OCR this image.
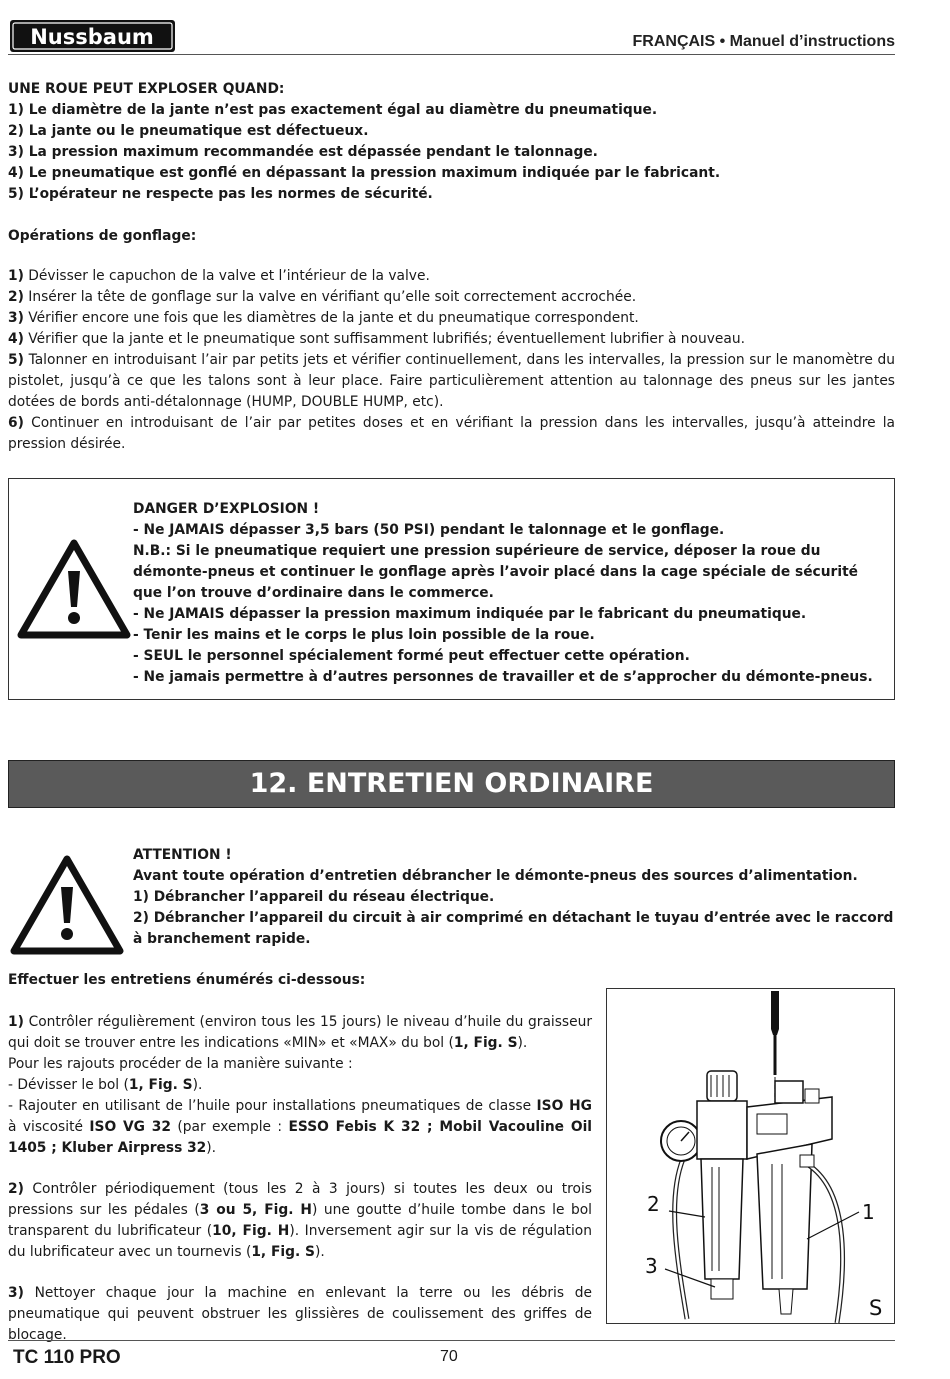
Nussbaum	FRANÇAIS • Manuel d’instructions
UNE ROUE PEUT EXPLOSER QUAND:
1) Le diamètre de la jante n’est pas exactement égal au diamètre du pneumatique.
2) La jante ou le pneumatique est défectueux.
3) La pression maximum recommandée est dépassée pendant le talonnage.
4) Le pneumatique est gonflé en dépassant la pression maximum indiquée par le fabricant.
5) L’opérateur ne respecte pas les normes de sécurité.
Opérations de gonflage:
1) Dévisser le capuchon de la valve et l’intérieur de la valve.
2) Insérer la tête de gonflage sur la valve en vérifiant qu’elle soit correctement accrochée.
3) Vérifier encore une fois que les diamètres de la jante et du pneumatique correspondent.
4) Vérifier que la jante et le pneumatique sont suffisamment lubrifiés; éventuellement lubrifier à nouveau.
5) Talonner en introduisant l’air par petits jets et vérifier continuellement, dans les intervalles, la pression sur le manomètre du pistolet, jusqu’à ce que les talons sont à leur place. Faire particulièrement attention au talonnage des pneus sur les jantes dotées de bords anti-détalonnage (HUMP, DOUBLE HUMP, etc).
6) Continuer en introduisant de l’air par petites doses et en vérifiant la pression dans les intervalles, jusqu’à atteindre la pression désirée.
DANGER D’EXPLOSION !
- Ne JAMAIS dépasser 3,5 bars (50 PSI) pendant le talonnage et le gonflage.
N.B.: Si le pneumatique requiert une pression supérieure de service, déposer la roue du démonte-pneus et continuer le gonflage après l’avoir placé dans la cage spéciale de sécurité que l’on trouve d’ordinaire dans le commerce.
- Ne JAMAIS dépasser la pression maximum indiquée par le fabricant du pneumatique.
- Tenir les mains et le corps le plus loin possible de la roue.
- SEUL le personnel spécialement formé peut effectuer cette opération.
- Ne jamais permettre à d’autres personnes de travailler et de s’approcher du démonte-pneus.
12. ENTRETIEN ORDINAIRE
ATTENTION !
Avant toute opération d’entretien débrancher le démonte-pneus des sources d’alimentation.
1) Débrancher l’appareil du réseau électrique.
2) Débrancher l’appareil du circuit à air comprimé en détachant le tuyau d’entrée avec le raccord à branchement rapide.
Effectuer les entretiens énumérés ci-dessous:
1) Contrôler régulièrement (environ tous les 15 jours) le niveau d’huile du graisseur qui doit se trouver entre les indications «MIN» et «MAX» du bol (1, Fig. S).
Pour les rajouts procéder de la manière suivante :
- Dévisser le bol (1, Fig. S).
- Rajouter en utilisant de l’huile pour installations pneumatiques de classe ISO HG à viscosité ISO VG 32 (par exemple : ESSO Febis K 32 ; Mobil Vacouline Oil 1405 ; Kluber Airpress 32).
2) Contrôler périodiquement (tous les 2 à 3 jours) si toutes les deux ou trois pressions sur les pédales (3 ou 5, Fig. H) une goutte d’huile tombe dans le bol transparent du lubrificateur (10, Fig. H). Inversement agir sur la vis de régulation du lubrificateur avec un tournevis (1, Fig. S).
3) Nettoyer chaque jour la machine en enlevant la terre ou les débris de pneumatique qui peuvent obstruer les glissières de coulissement des griffes de blocage.
2	1
3
S
TC 110 PRO	70
